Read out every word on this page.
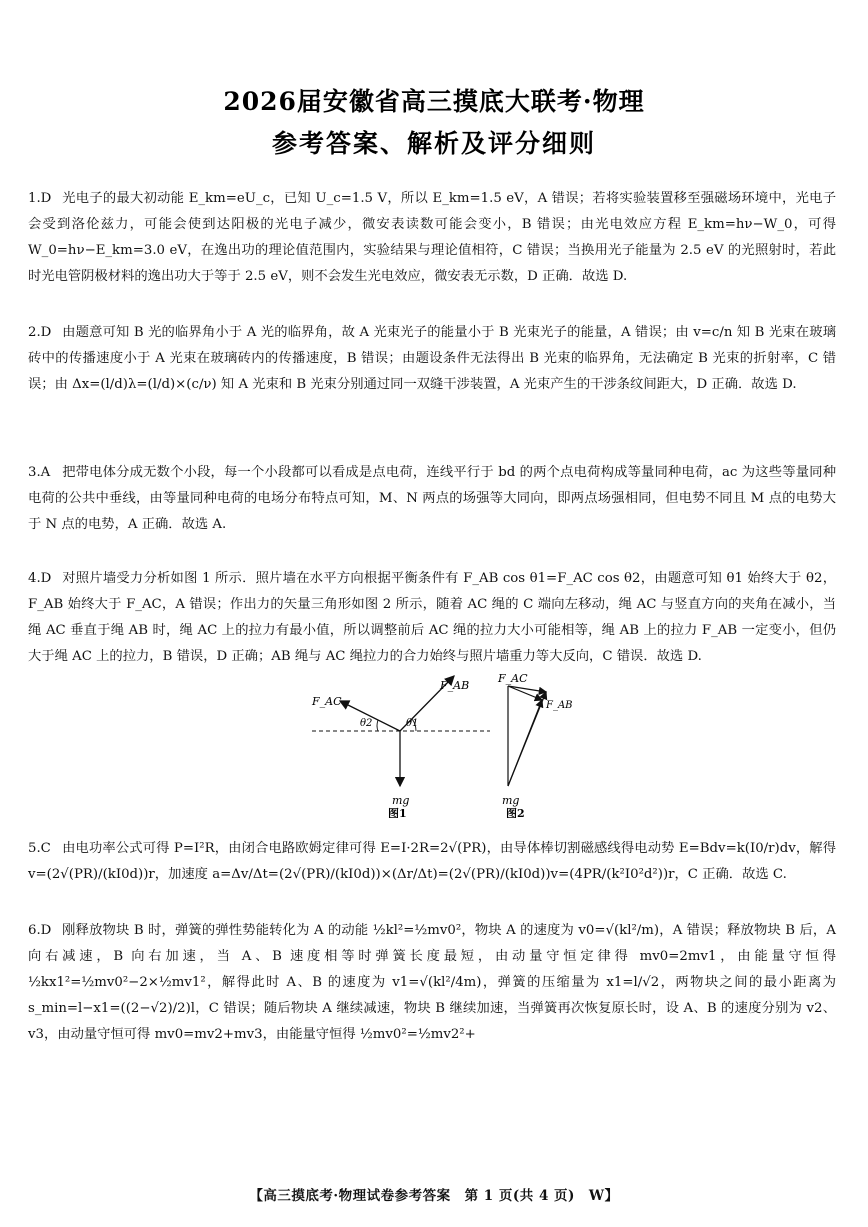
2026届安徽省高三摸底大联考·物理
参考答案、解析及评分细则
1.D 光电子的最大初动能 E_km=eU_c，已知 U_c=1.5 V，所以 E_km=1.5 eV，A 错误；若将实验装置移至强磁场环境中，光电子会受到洛伦兹力，可能会使到达阳极的光电子减少，微安表读数可能会变小，B 错误；由光电效应方程 E_km=hν−W_0，可得 W_0=hν−E_km=3.0 eV，在逸出功的理论值范围内，实验结果与理论值相符，C 错误；当换用光子能量为 2.5 eV 的光照射时，若此时光电管阴极材料的逸出功大于等于 2.5 eV，则不会发生光电效应，微安表无示数，D 正确．故选 D.
2.D 由题意可知 B 光的临界角小于 A 光的临界角，故 A 光束光子的能量小于 B 光束光子的能量，A 错误；由 v=c/n 知 B 光束在玻璃砖中的传播速度小于 A 光束在玻璃砖内的传播速度，B 错误；由题设条件无法得出 B 光束的临界角，无法确定 B 光束的折射率，C 错误；由 Δx=(l/d)λ=(l/d)×(c/ν) 知 A 光束和 B 光束分别通过同一双缝干涉装置，A 光束产生的干涉条纹间距大，D 正确．故选 D.
3.A 把带电体分成无数个小段，每一个小段都可以看成是点电荷，连线平行于 bd 的两个点电荷构成等量同种电荷，ac 为这些等量同种电荷的公共中垂线，由等量同种电荷的电场分布特点可知，M、N 两点的场强等大同向，即两点场强相同，但电势不同且 M 点的电势大于 N 点的电势，A 正确．故选 A.
4.D 对照片墙受力分析如图 1 所示．照片墙在水平方向根据平衡条件有 F_AB cos θ1=F_AC cos θ2，由题意可知 θ1 始终大于 θ2，F_AB 始终大于 F_AC，A 错误；作出力的矢量三角形如图 2 所示，随着 AC 绳的 C 端向左移动，绳 AC 与竖直方向的夹角在减小，当绳 AC 垂直于绳 AB 时，绳 AC 上的拉力有最小值，所以调整前后 AC 绳的拉力大小可能相等，绳 AB 上的拉力 F_AB 一定变小，但仍大于绳 AC 上的拉力，B 错误，D 正确；AB 绳与 AC 绳拉力的合力始终与照片墙重力等大反向，C 错误．故选 D.
F_AC
F_AB
θ2	θ1
mg
图1
F_AC
F_AB
mg
图2
5.C 由电功率公式可得 P=I²R，由闭合电路欧姆定律可得 E=I·2R=2√(PR)，由导体棒切割磁感线得电动势 E=Bdv=k(I0/r)dv，解得 v=(2√(PR)/(kI0d))r，加速度 a=Δv/Δt=(2√(PR)/(kI0d))×(Δr/Δt)=(2√(PR)/(kI0d))v=(4PR/(k²I0²d²))r，C 正确．故选 C.
6.D 刚释放物块 B 时，弹簧的弹性势能转化为 A 的动能 ½kl²=½mv0²，物块 A 的速度为 v0=√(kl²/m)，A 错误；释放物块 B 后，A 向右减速，B 向右加速，当 A、B 速度相等时弹簧长度最短，由动量守恒定律得 mv0=2mv1，由能量守恒得 ½kx1²=½mv0²−2×½mv1²，解得此时 A、B 的速度为 v1=√(kl²/4m)，弹簧的压缩量为 x1=l/√2，两物块之间的最小距离为 s_min=l−x1=((2−√2)/2)l，C 错误；随后物块 A 继续减速，物块 B 继续加速，当弹簧再次恢复原长时，设 A、B 的速度分别为 v2、v3，由动量守恒可得 mv0=mv2+mv3，由能量守恒得 ½mv0²=½mv2²+
【高三摸底考·物理试卷参考答案　第 1 页(共 4 页)　W】
